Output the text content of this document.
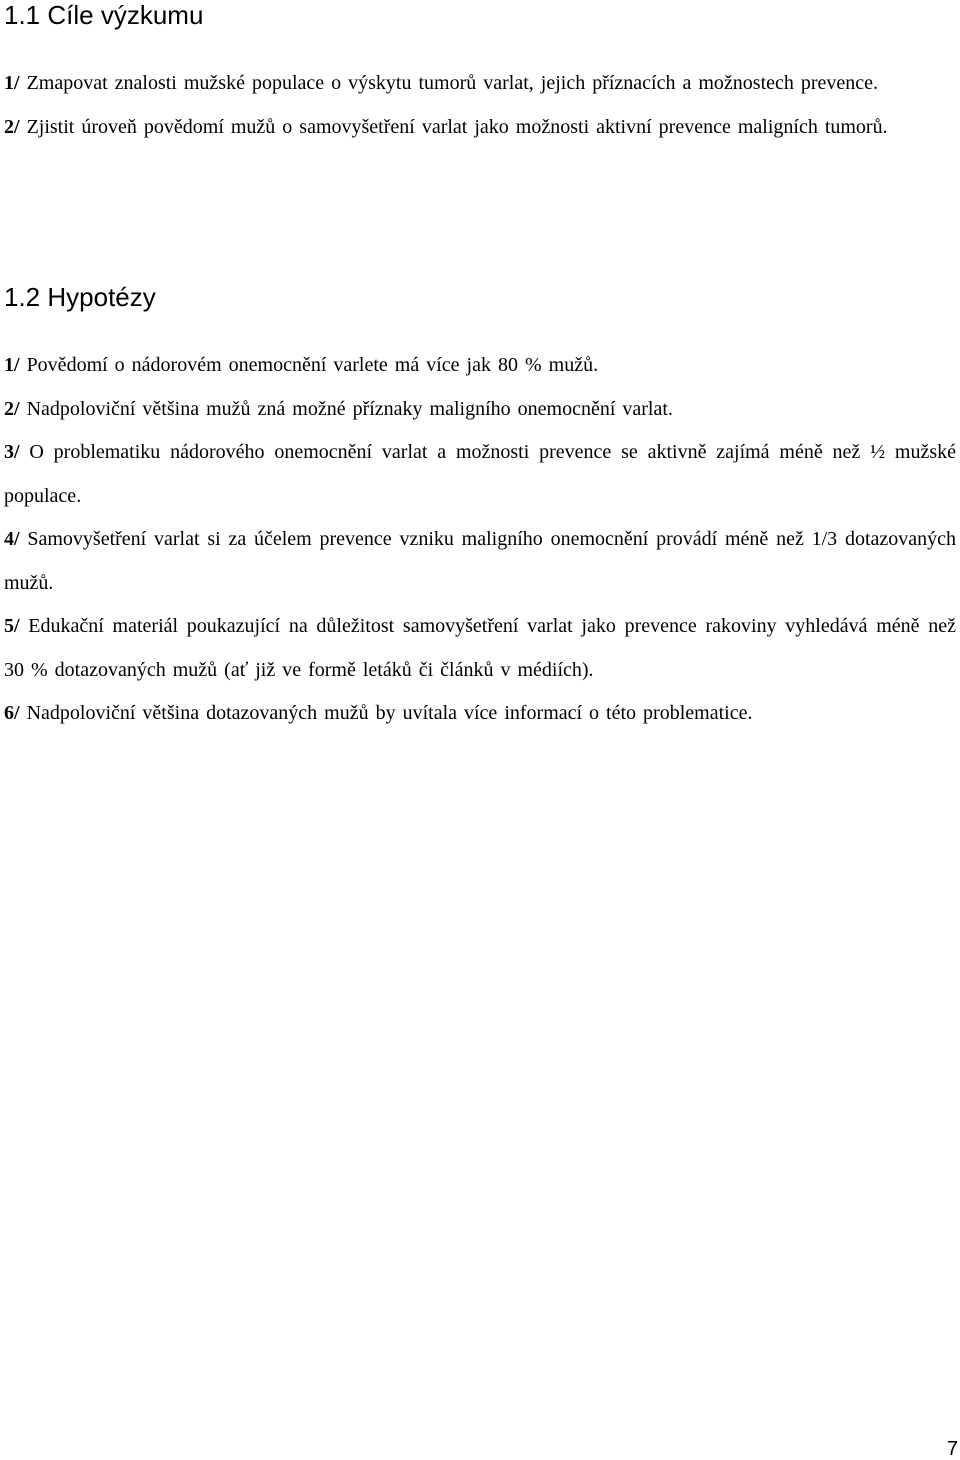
1.1 Cíle výzkumu
1/ Zmapovat znalosti mužské populace o výskytu tumorů varlat, jejich příznacích a možnostech prevence.
2/ Zjistit úroveň povědomí mužů o samovyšetření varlat jako možnosti aktivní prevence maligních tumorů.
1.2 Hypotézy
1/ Povědomí o nádorovém onemocnění varlete má více jak 80 % mužů.
2/ Nadpoloviční většina mužů zná možné příznaky maligního onemocnění varlat.
3/ O problematiku nádorového onemocnění varlat a možnosti prevence se aktivně zajímá méně než ½ mužské populace.
4/ Samovyšetření varlat si za účelem prevence vzniku maligního onemocnění provádí méně než 1/3 dotazovaných mužů.
5/ Edukační materiál poukazující na důležitost samovyšetření varlat jako prevence rakoviny vyhledává méně než 30 % dotazovaných mužů (ať již ve formě letáků či článků v médiích).
6/ Nadpoloviční většina dotazovaných mužů by uvítala více informací o této problematice.
7
